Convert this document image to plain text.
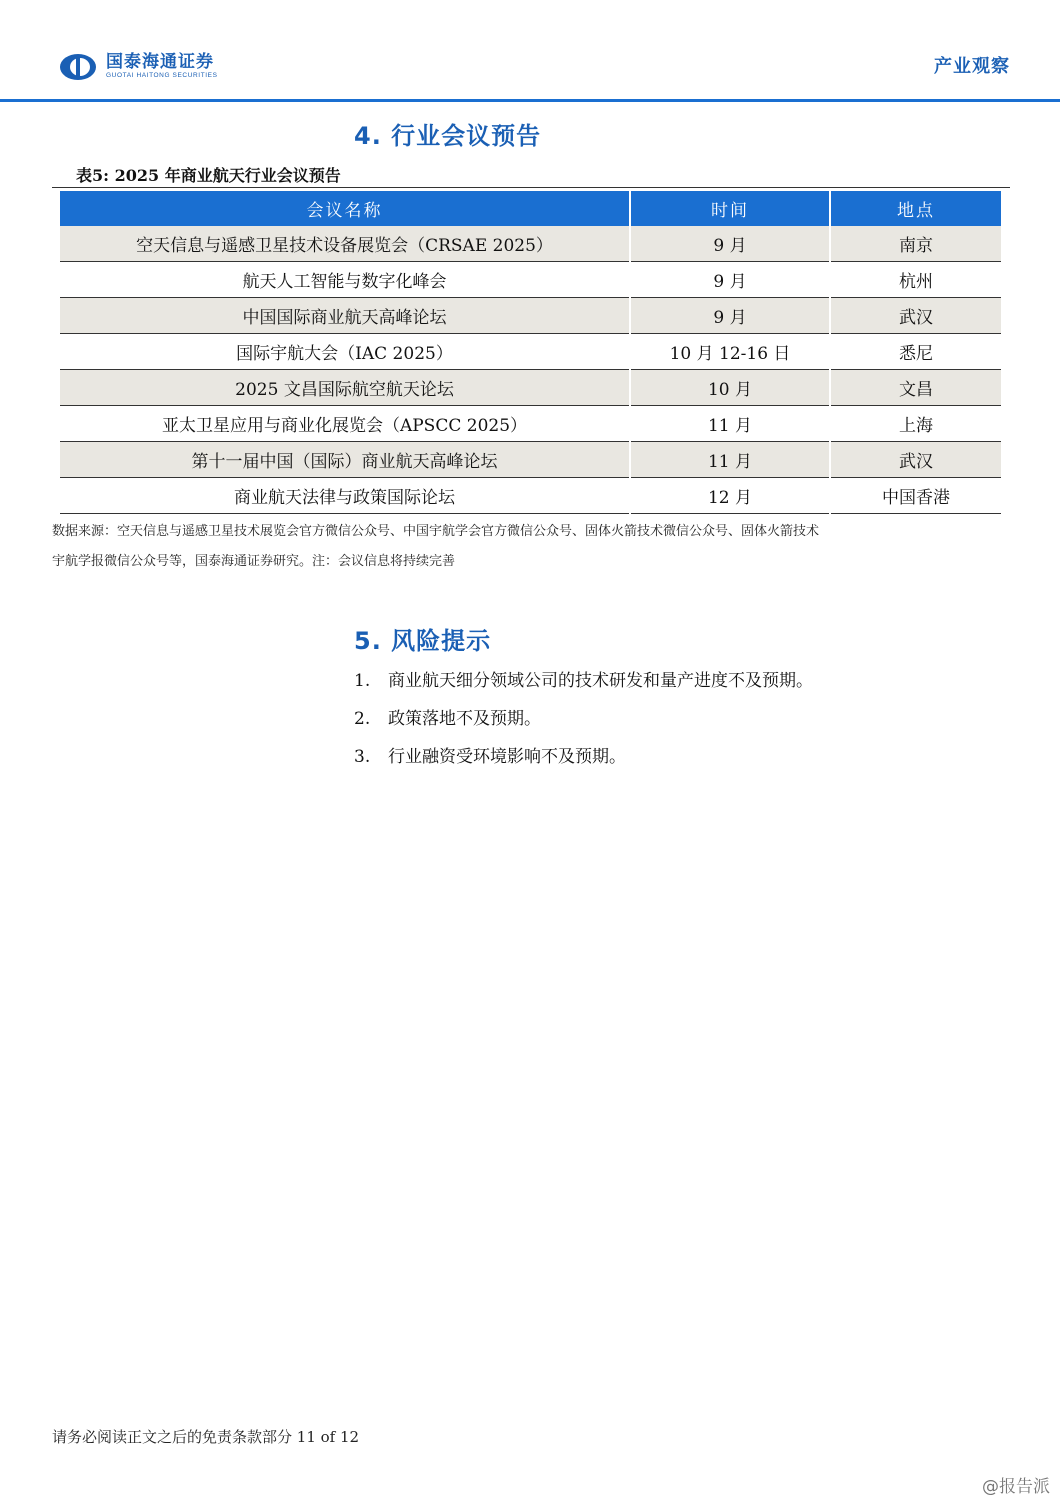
国泰海通证券
GUOTAI HAITONG SECURITIES	产业观察
4. 行业会议预告
表5: 2025 年商业航天行业会议预告
会议名称	时间	地点
空天信息与遥感卫星技术设备展览会（CRSAE 2025）	9 月	南京
航天人工智能与数字化峰会	9 月	杭州
中国国际商业航天高峰论坛	9 月	武汉
国际宇航大会（IAC 2025）	10 月 12-16 日	悉尼
2025 文昌国际航空航天论坛	10 月	文昌
亚太卫星应用与商业化展览会（APSCC 2025）	11 月	上海
第十一届中国（国际）商业航天高峰论坛	11 月	武汉
商业航天法律与政策国际论坛	12 月	中国香港
数据来源：空天信息与遥感卫星技术展览会官方微信公众号、中国宇航学会官方微信公众号、固体火箭技术微信公众号、固体火箭技术
宇航学报微信公众号等，国泰海通证券研究。注：会议信息将持续完善
5. 风险提示
1.	商业航天细分领域公司的技术研发和量产进度不及预期。
2.	政策落地不及预期。
3.	行业融资受环境影响不及预期。
请务必阅读正文之后的免责条款部分 11 of 12
@报告派
